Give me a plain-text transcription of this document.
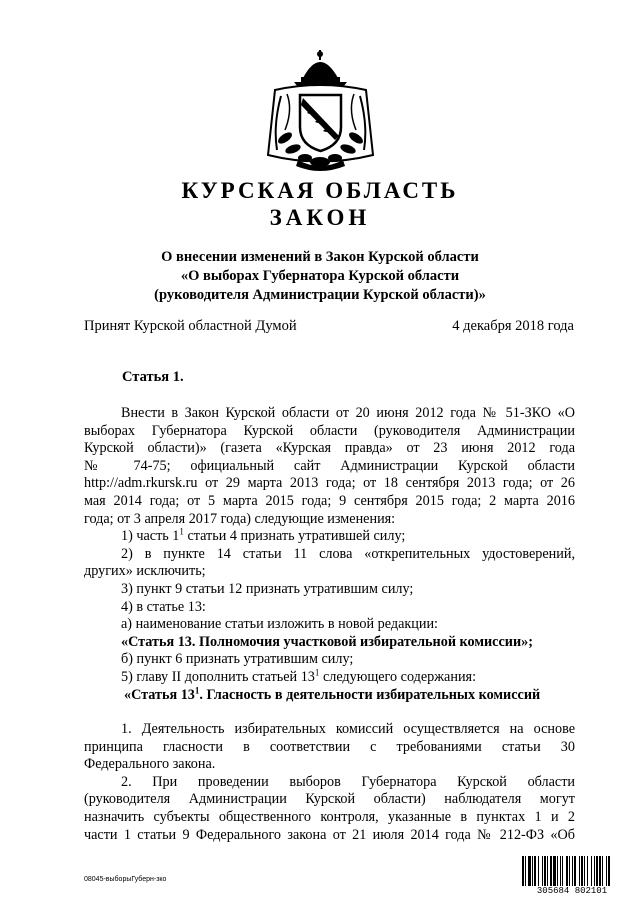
КУРСКАЯ ОБЛАСТЬ
ЗАКОН
О внесении изменений в Закон Курской области
«О выборах Губернатора Курской области
(руководителя Администрации Курской области)»
Принят Курской областной Думой	4 декабря 2018 года
Статья 1.

Внести в Закон Курской области от 20 июня 2012 года № 51-ЗКО «О

выборах Губернатора Курской области (руководителя Администрации

Курской области)» (газета «Курская правда» от 23 июня 2012 года

№ 74-75; официальный сайт Администрации Курской области

http://adm.rkursk.ru от 29 марта 2013 года; от 18 сентября 2013 года; от 26

мая 2014 года; от 5 марта 2015 года; 9 сентября 2015 года; 2 марта 2016

года; от 3 апреля 2017 года) следующие изменения:

1) часть $1^1$ статьи 4 признать утратившей силу;

2) в пункте 14 статьи 11 слова «открепительных удостоверений,

других» исключить;

3) пункт 9 статьи 12 признать утратившим силу;

4) в статье 13:

а) наименование статьи изложить в новой редакции:

«Статья 13. Полномочия участковой избирательной комиссии»;

б) пункт 6 признать утратившим силу;

5) главу II дополнить статьей $13^1$ следующего содержания:

«Статья $13^1$. Гласность в деятельности избирательных комиссий

1. Деятельность избирательных комиссий осуществляется на основе

принципа гласности в соответствии с требованиями статьи 30

Федерального закона.

2. При проведении выборов Губернатора Курской области

(руководителя Администрации Курской области) наблюдателя могут

назначить субъекты общественного контроля, указанные в пунктах 1 и 2

части 1 статьи 9 Федерального закона от 21 июля 2014 года № 212-ФЗ «Об

08045-выборыГуберн-зко
305684 802101
